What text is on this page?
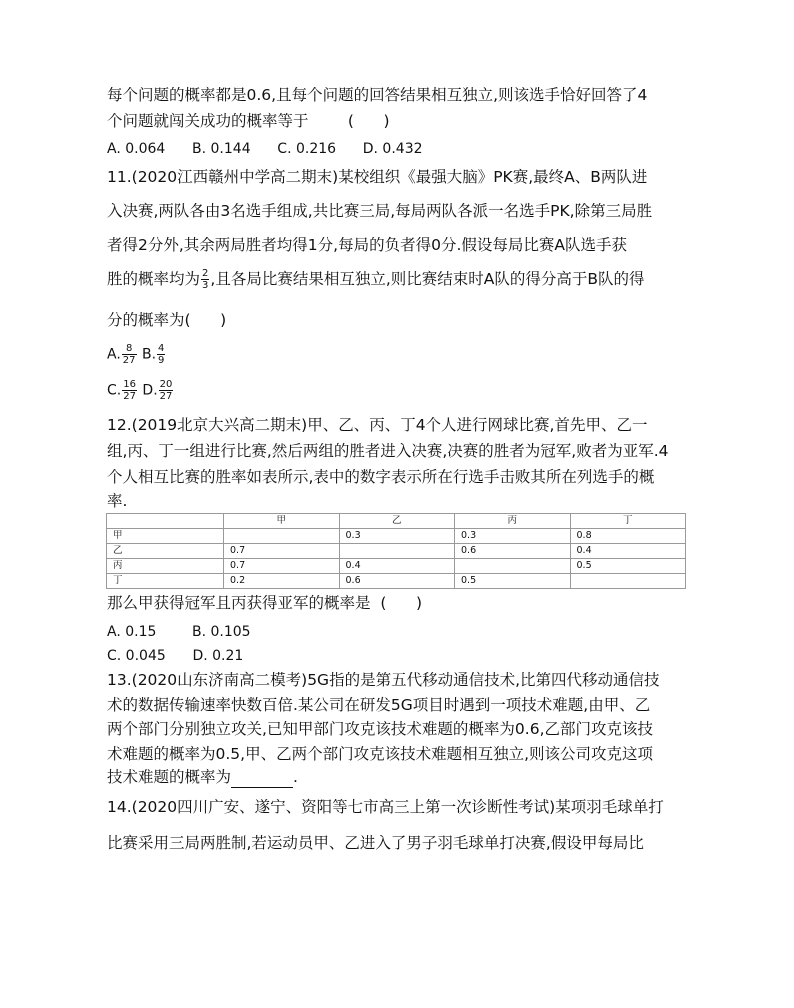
每个问题的概率都是0.6,且每个问题的回答结果相互独立,则该选手恰好回答了4
个问题就闯关成功的概率等于        (      )
A. 0.064      B. 0.144      C. 0.216      D. 0.432
11.(2020江西赣州中学高二期末)某校组织《最强大脑》PK赛,最终A、B两队进
入决赛,两队各由3名选手组成,共比赛三局,每局两队各派一名选手PK,除第三局胜
者得2分外,其余两局胜者均得1分,每局的负者得0分.假设每局比赛A队选手获
胜的概率均为 $\frac{2}{3}$ ,且各局比赛结果相互独立,则比赛结束时A队的得分高于B队的得
分的概率为(      )
A. $\frac{8}{27} B$. $\frac{4}{9}$
C. $\frac{16}{27} D$. $\frac{20}{27}$
12.(2019北京大兴高二期末)甲、乙、丙、丁4个人进行网球比赛,首先甲、乙一
组,丙、丁一组进行比赛,然后两组的胜者进入决赛,决赛的胜者为冠军,败者为亚军.4
个人相互比赛的胜率如表所示,表中的数字表示所在行选手击败其所在列选手的概
率.
	甲	乙	丙	丁
甲		0.3	0.3	0.8
乙	0.7		0.6	0.4
丙	0.7	0.4		0.5
丁	0.2	0.6	0.5	
那么甲获得冠军且丙获得亚军的概率是  (      )
A. 0.15        B. 0.105
C. 0.045      D. 0.21
13.(2020山东济南高二模考)5G指的是第五代移动通信技术,比第四代移动通信技
术的数据传输速率快数百倍.某公司在研发5G项目时遇到一项技术难题,由甲、乙
两个部门分别独立攻关,已知甲部门攻克该技术难题的概率为0.6,乙部门攻克该技
术难题的概率为0.5,甲、乙两个部门攻克该技术难题相互独立,则该公司攻克这项
技术难题的概率为	.
14.(2020四川广安、遂宁、资阳等七市高三上第一次诊断性考试)某项羽毛球单打
比赛采用三局两胜制,若运动员甲、乙进入了男子羽毛球单打决赛,假设甲每局比
